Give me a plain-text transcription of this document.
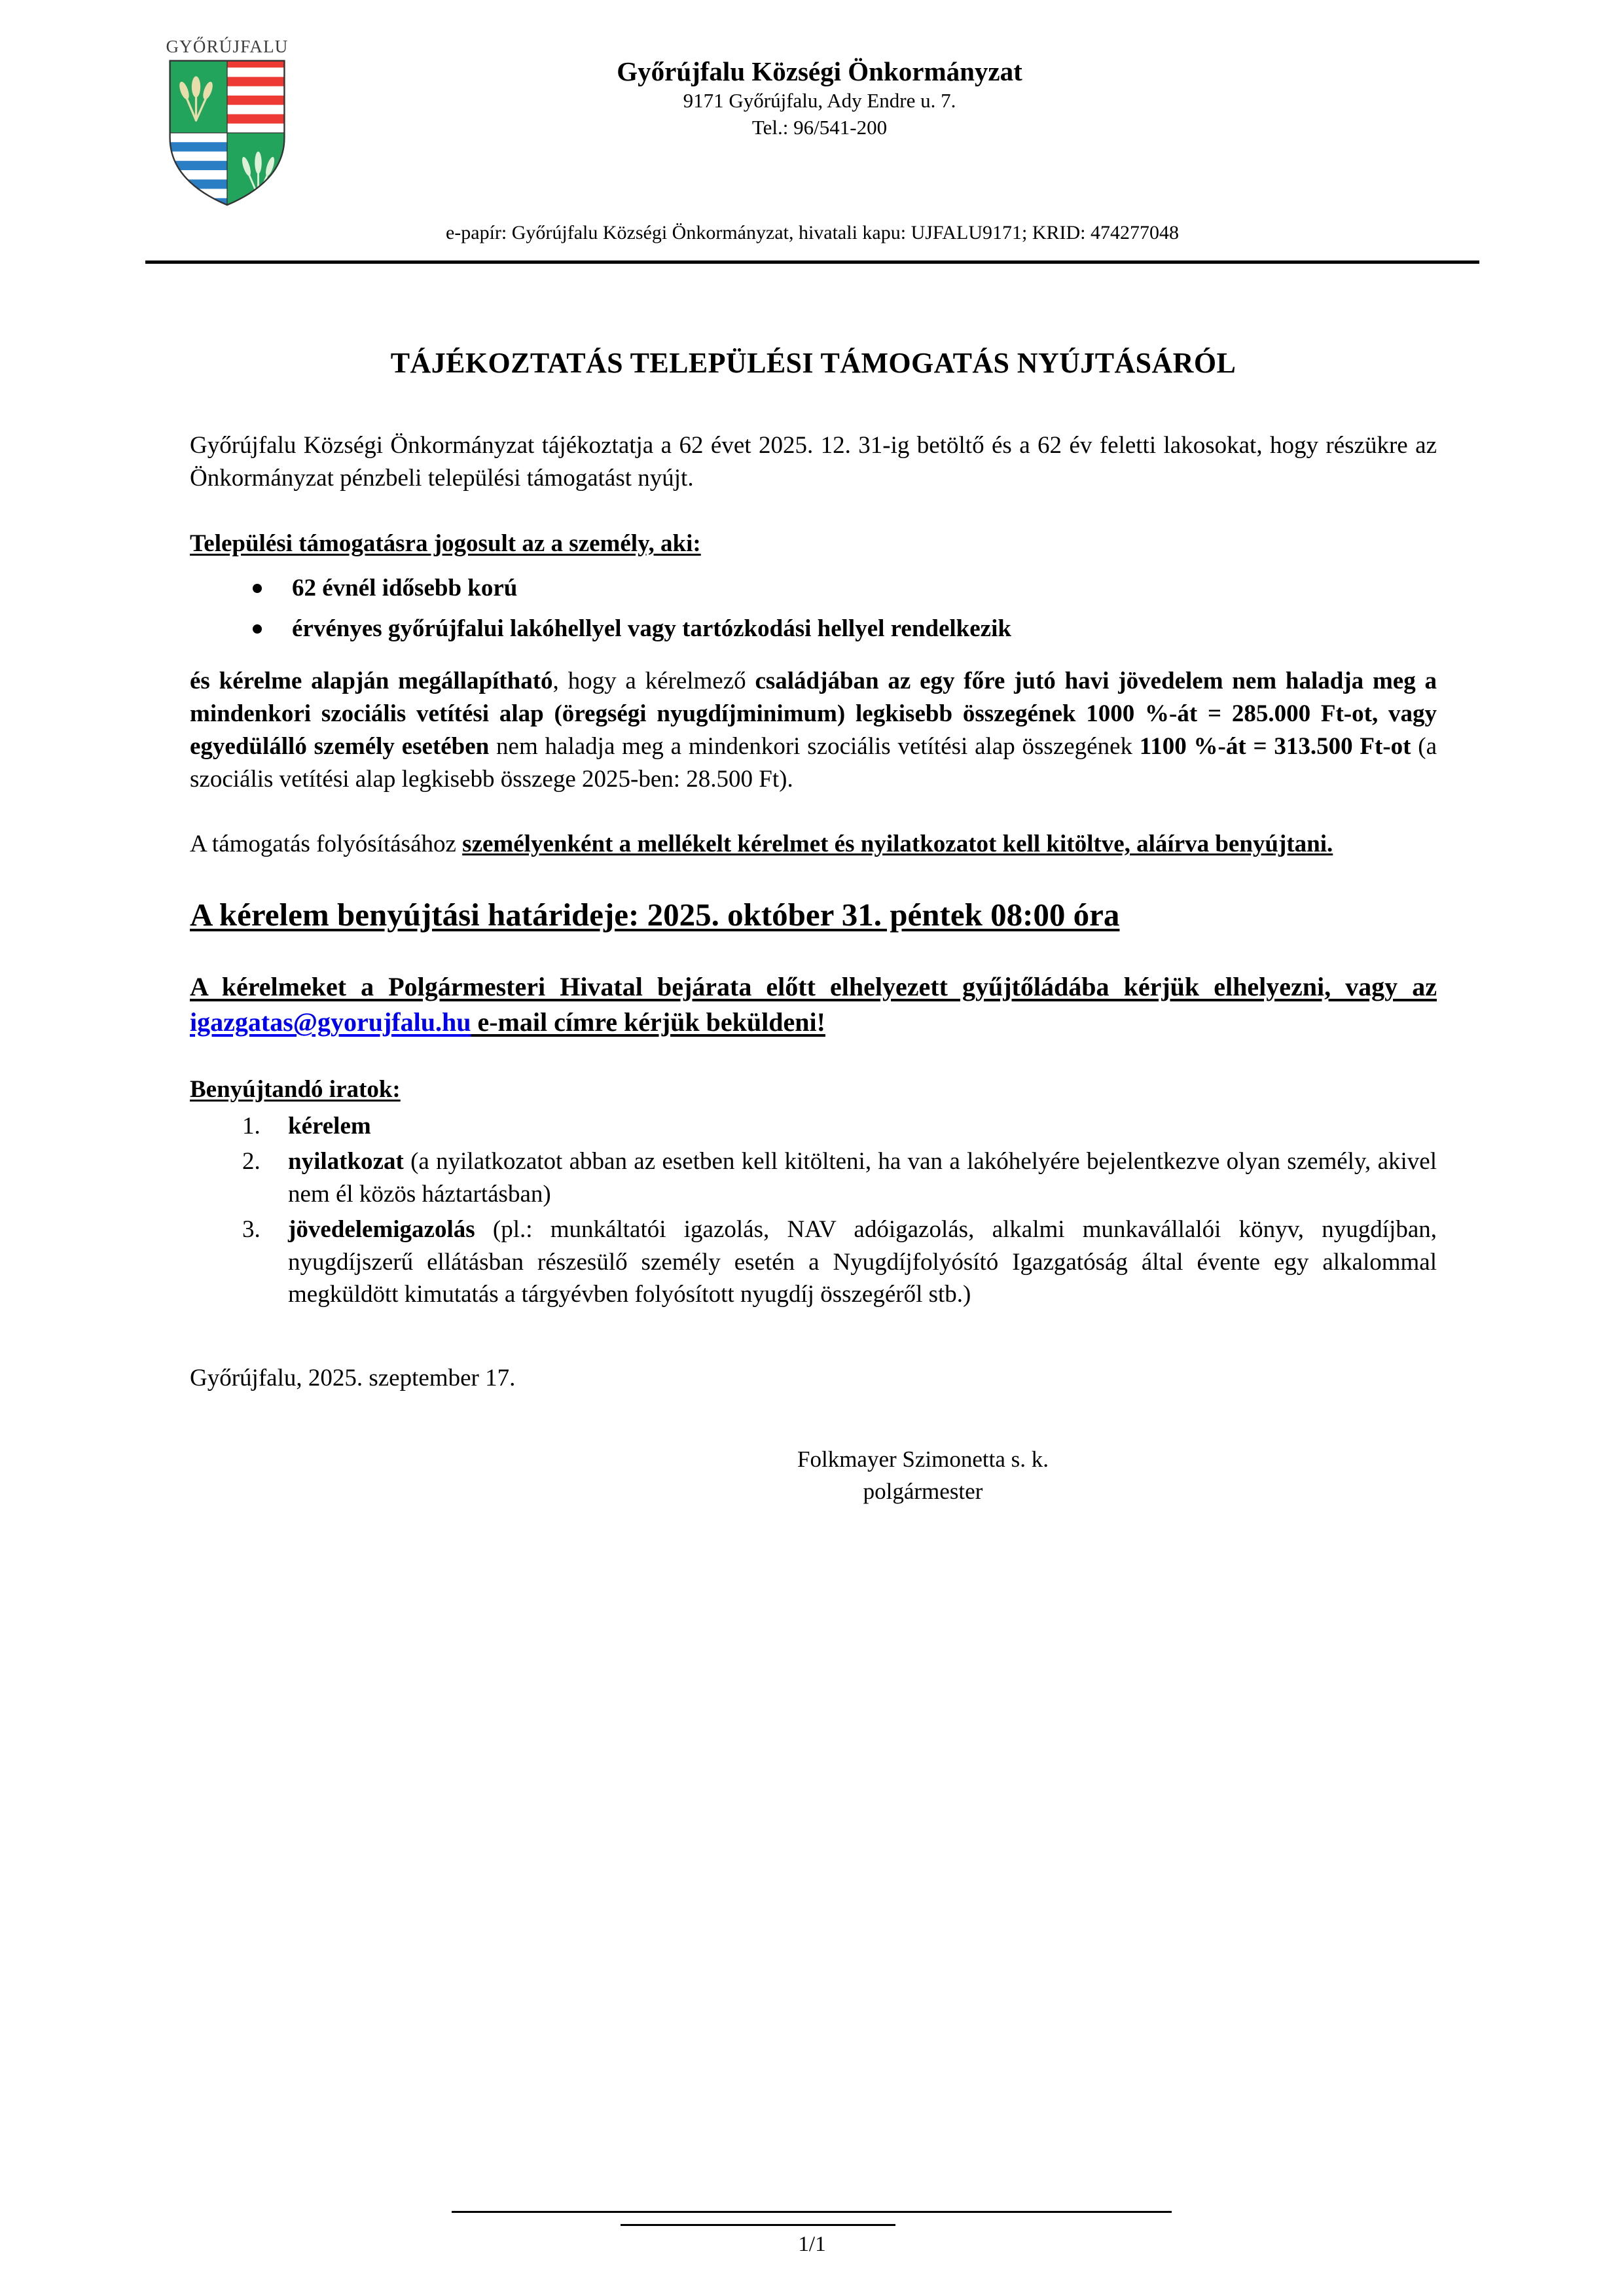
GYŐRÚJFALU
Győrújfalu Községi Önkormányzat
9171 Győrújfalu, Ady Endre u. 7.
Tel.: 96/541-200
e-papír: Győrújfalu Községi Önkormányzat, hivatali kapu: UJFALU9171; KRID: 474277048
TÁJÉKOZTATÁS TELEPÜLÉSI TÁMOGATÁS NYÚJTÁSÁRÓL

Győrújfalu Községi Önkormányzat tájékoztatja a 62 évet 2025. 12. 31-ig betöltő és a 62 év feletti lakosokat, hogy részükre az Önkormányzat pénzbeli települési támogatást nyújt.

Települési támogatásra jogosult az a személy, aki:
62 évnél idősebb korú
érvényes győrújfalui lakóhellyel vagy tartózkodási hellyel rendelkezik

és kérelme alapján megállapítható, hogy a kérelmező családjában az egy főre jutó havi jövedelem nem haladja meg a mindenkori szociális vetítési alap (öregségi nyugdíjminimum) legkisebb összegének 1000 %-át = 285.000 Ft-ot, vagy egyedülálló személy esetében nem haladja meg a mindenkori szociális vetítési alap összegének 1100 %-át = 313.500 Ft-ot (a szociális vetítési alap legkisebb összege 2025-ben: 28.500 Ft).

A támogatás folyósításához személyenként a mellékelt kérelmet és nyilatkozatot kell kitöltve, aláírva benyújtani.

A kérelem benyújtási határideje: 2025. október 31. péntek 08:00 óra

A kérelmeket a Polgármesteri Hivatal bejárata előtt elhelyezett gyűjtőládába kérjük elhelyezni, vagy az igazgatas@gyorujfalu.hu e-mail címre kérjük beküldeni!

Benyújtandó iratok:
kérelem
nyilatkozat (a nyilatkozatot abban az esetben kell kitölteni, ha van a lakóhelyére bejelentkezve olyan személy, akivel nem él közös háztartásban)
jövedelemigazolás (pl.: munkáltatói igazolás, NAV adóigazolás, alkalmi munkavállalói könyv, nyugdíjban, nyugdíjszerű ellátásban részesülő személy esetén a Nyugdíjfolyósító Igazgatóság által évente egy alkalommal megküldött kimutatás a tárgyévben folyósított nyugdíj összegéről stb.)

Győrújfalu, 2025. szeptember 17.

Folkmayer Szimonetta s. k.
polgármester
1/1
